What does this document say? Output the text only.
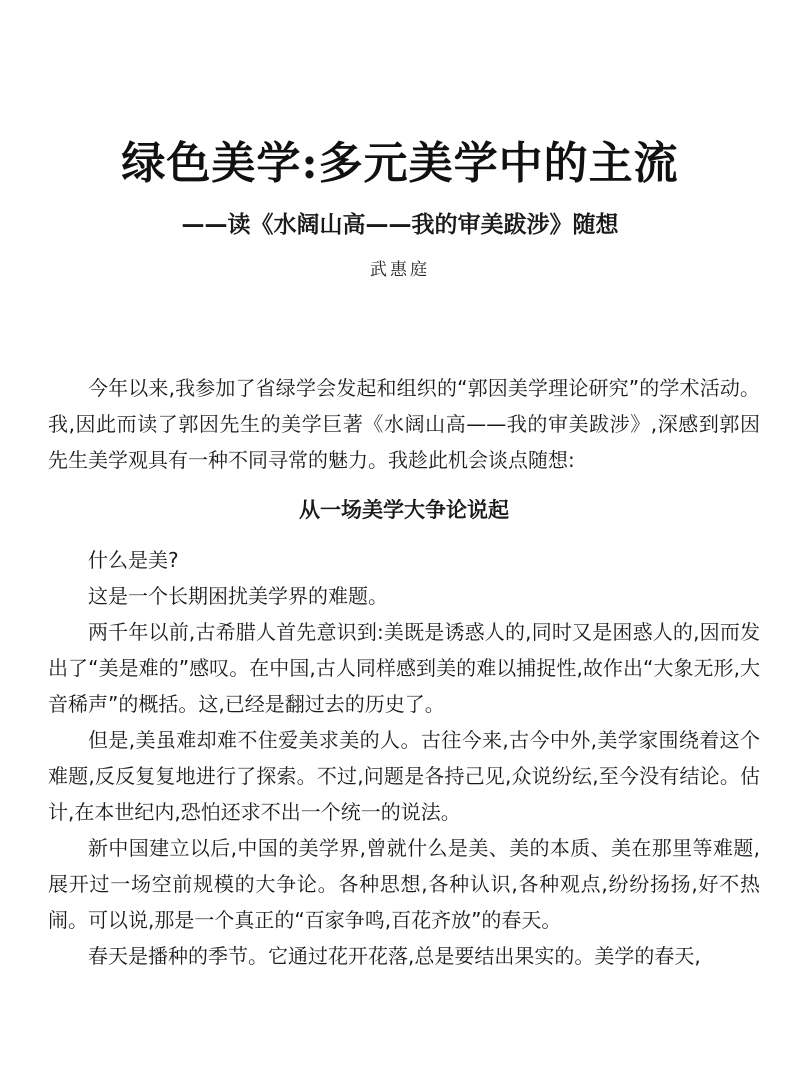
绿色美学:多元美学中的主流
——读《水阔山高——我的审美跋涉》随想
武惠庭

今年以来,我参加了省绿学会发起和组织的“郭因美学理论研究”的学术活动。我,因此而读了郭因先生的美学巨著《水阔山高——我的审美跋涉》,深感到郭因先生美学观具有一种不同寻常的魅力。我趁此机会谈点随想:

从一场美学大争论说起

什么是美?

这是一个长期困扰美学界的难题。

两千年以前,古希腊人首先意识到:美既是诱惑人的,同时又是困惑人的,因而发出了“美是难的”感叹。在中国,古人同样感到美的难以捕捉性,故作出“大象无形,大音稀声”的概括。这,已经是翻过去的历史了。

但是,美虽难却难不住爱美求美的人。古往今来,古今中外,美学家围绕着这个难题,反反复复地进行了探索。不过,问题是各持己见,众说纷纭,至今没有结论。估计,在本世纪内,恐怕还求不出一个统一的说法。

新中国建立以后,中国的美学界,曾就什么是美、美的本质、美在那里等难题,展开过一场空前规模的大争论。各种思想,各种认识,各种观点,纷纷扬扬,好不热闹。可以说,那是一个真正的“百家争鸣,百花齐放”的春天。

春天是播种的季节。它通过花开花落,总是要结出果实的。美学的春天,
